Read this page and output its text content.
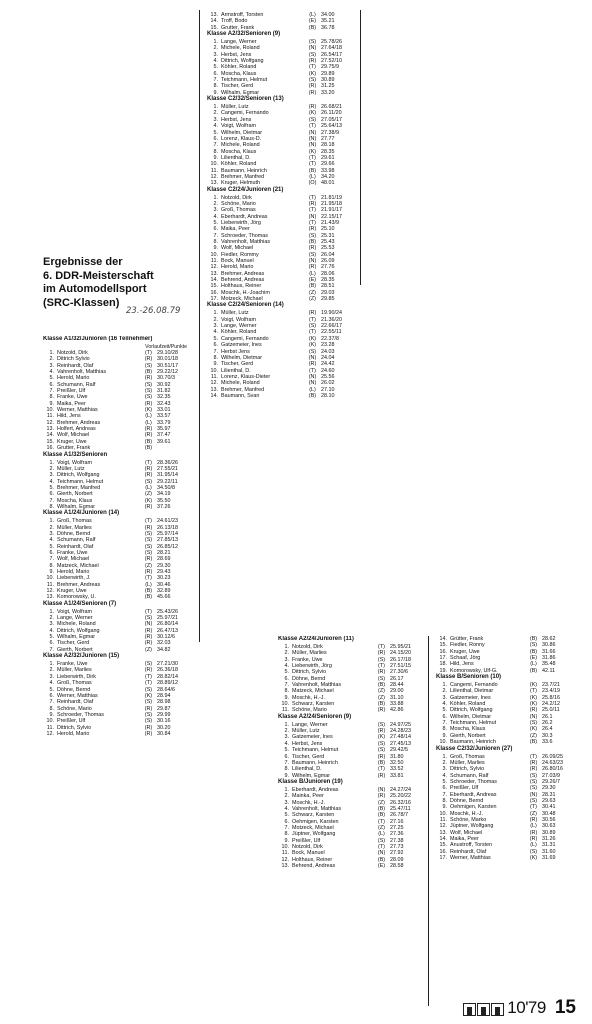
Ergebnisse der
6. DDR-Meisterschaft
im Automodellsport
(SRC-Klassen)
23.-26.08.79
Klasse A1/32/Junioren (16 Teilnehmer)
Vorlaufzeit/Punkte
1. Notzold, Dirk	(T) 29.10/28
2. Dittrich Sylvio	(R) 30.01/18
3. Reinhardt, Olaf	(S) 30.51/17
4. Vahrenholt, Matthias	(B) 29.22/12
5. Herold, Mario	(R) 30.70/3
6. Schumann, Ralf	(S) 30.92
7. Preißler, Ulf	(S) 31.82
8. Franke, Uwe	(S) 32.35
9. Maika, Peer	(R) 32.43
10. Werner, Matthias	(K) 33.01
11. Hild, Jens	(L) 33.57
12. Brehmer, Andreas	(L) 33.79
13. Holfert, Andreas	(R) 35.97
14. Wolf, Michael	(R) 37.47
15. Kruger, Uwe	(B) 39.61
16. Grutter, Frank	(B)
Klasse A1/32/Senioren
1. Voigt, Wolfram	(T) 28.36/26
2. Müller, Lutz	(R) 27.55/21
3. Dittrich, Wolfgang	(R) 31.95/14
4. Teichmann, Helmut	(S) 29.22/11
5. Brehmer, Manfred	(L) 34.50/8
6. Gierth, Norbert	(Z) 34.19
7. Moscha, Klaus	(K) 35.50
8. Wilhalm, Egmar	(R) 37.26
Klasse A1/24/Junioren (14)
1. Groß, Thomas	(T) 24.61/23
2. Müller, Marlies	(R) 26.13/18
3. Döhne, Bernd	(S) 25.97/14
4. Schumann, Ralf	(S) 27.85/13
5. Reinhardt, Olaf	(S) 26.85/12
6. Franke, Uwe	(S) 28.21
7. Wolf, Michael	(R) 28.69
8. Matzeck, Michael	(Z) 29.30
9. Herold, Mario	(R) 29.43
10. Lieberwirth, J.	(T) 30.23
11. Brehmer, Andreas	(L) 30.46
12. Kruger, Uwe	(B) 32.89
13. Komorowsky, U.	(B) 45.66
Klasse A1/24/Senioren (7)
1. Voigt, Wolfram	(T) 25.43/26
2. Lange, Werner	(S) 25.97/21
3. Michele, Roland	(N) 26.80/14
4. Dittrich, Wolfgang	(R) 26.47/13
5. Wilhalm, Egmar	(R) 30.12/6
6. Tischer, Gerd	(R) 32.03
7. Gierth, Norbert	(Z) 34.82
Klasse A2/32/Junioren (15)
1. Franke, Uwe	(S) 27.21/30
2. Müller, Marlies	(R) 26.36/18
3. Lieberwirth, Dirk	(T) 28.82/14
4. Groß, Thomas	(T) 28.89/12
5. Döhne, Bernd	(S) 28.64/6
6. Werner, Matthias	(K) 28.94
7. Reinhardt, Olaf	(S) 28.98
8. Schöne, Mario	(R) 29.87
9. Schroeder, Thomas	(S) 29.99
10. Preißler, Ulf	(S) 30.16
11. Dittrich, Sylvio	(R) 30.20
12. Herold, Mario	(R) 30.84
13. Armstroff, Torsten	(L) 34.00
14. Troff, Bodo	(E) 35.21
15. Grutter, Frank	(B) 36.78
Klasse A2/32/Senioren (9)
1. Lange, Werner	(S) 25.78/26
2. Michele, Roland	(N) 27.64/18
3. Herbst, Jens	(S) 26.54/17
4. Dittrich, Wolfgang	(R) 27.52/10
5. Köhler, Roland	(T) 29.75/9
6. Moscha, Klaus	(K) 29.89
7. Teichmann, Helmut	(S) 30.89
8. Tischer, Gerd	(R) 31.25
9. Wilhalm, Egmar	(R) 33.20
Klasse C2/32/Senioren (13)
1. Müller, Lutz	(R) 26.68/21
2. Cangemi, Fernando	(K) 26.11/20
3. Herbst, Jens	(S) 27.05/17
4. Voigt, Wolfram	(T) 25.64/13
5. Wilhelm, Dietmar	(N) 27.38/9
6. Lorenz, Klaus-D.	(N) 27.77
7. Michele, Roland	(N) 28.18
8. Moscha, Klaus	(K) 28.35
9. Lilienthal, D.	(T) 29.61
10. Köhler, Roland	(T) 29.66
11. Baumann, Heinrich	(B) 33.98
12. Brehmer, Manfred	(L) 34.20
13. Kruger, Helmuth	(O) 48.01
Klasse C2/24/Junioren (21)
1. Notzold, Dirk	(T) 21.81/19
2. Schöne, Mario	(R) 21.95/18
3. Groß, Thomas	(T) 21.91/17
4. Eberhardt, Andreas	(N) 22.15/17
5. Lieberwirth, Jörg	(T) 21.43/9
6. Maika, Peer	(R) 25.10
7. Schroeder, Thomas	(S) 25.31
8. Vahrenholt, Matthias	(B) 25.43
9. Wolf, Michael	(R) 25.53
10. Fiedler, Rommy	(S) 26.04
11. Bock, Manuel	(N) 26.09
12. Herold, Mario	(R) 27.76
13. Brehmer, Andreas	(L) 28.06
14. Behrend, Andreas	(E) 28.35
15. Holthaus, Reiner	(B) 28.51
16. Moschk, H.-Joachim	(Z) 29.03
17. Motzeck, Michael	(Z) 29.85
Klasse C2/24/Senioren (14)
1. Müller, Lutz	(R) 19.90/24
2. Voigt, Wolfram	(T) 21.36/20
3. Lange, Werner	(S) 22.66/17
4. Köhler, Roland	(T) 22.55/11
5. Cangemi, Fernando	(K) 22.37/8
6. Gatzemeier, Ines	(K) 23.28
7. Herbst Jens	(S) 24.03
8. Wilhelm, Dietmar	(N) 24.04
9. Tischer, Gerd	(R) 24.42
10. Lilienthal, D.	(T) 24.60
11. Lorenz, Klaus-Dieter	(N) 25.56
12. Michele, Roland	(N) 26.02
13. Brehmer, Manfred	(L) 27.10
14. Baumann, Svan	(B) 28.10
Klasse A2/24/Junioren (11)
1. Notzold, Dirk	(T) 25.95/21
2. Müller, Marlies	(R) 24.15/20
3. Franke, Uwe	(S) 26.17/18
4. Lieberwirth, Jörg	(T) 27.51/15
5. Dittrich, Sylvio	(R) 27.30/6
6. Döhne, Bernd	(S) 26.17
7. Vahrenholt, Matthias	(B) 28.44
8. Matzeck, Michael	(Z) 29.00
9. Moschk, H.-J.	(Z) 31.10
10. Schwarz, Karsten	(B) 33.88
11. Schöne, Mario	(R) 42.86
Klasse A2/24/Senioren (9)
1. Lange, Werner	(S) 24.97/25
2. Müller, Lutz	(R) 24.28/23
3. Gatzemeier, Ines	(K) 27.48/14
4. Herbst, Jens	(S) 27.45/13
5. Teichmann, Helmut	(S) 29.42/5
6. Tischer, Gerd	(R) 31.80
7. Baumann, Heinrich	(B) 32.50
8. Lilienthal, D.	(T) 33.52
9. Wilhelm, Egmar	(R) 33.81
Klasse B/Junioren (19)
1. Eberhardt, Andreas	(N) 24.27/24
2. Mainka, Peer	(R) 25.20/22
3. Moschk, H.-J.	(Z) 26.32/16
4. Vahrenholt, Matthias	(B) 25.47/11
5. Schwarz, Karsten	(B) 26.78/7
6. Oehmigen, Karsten	(T) 27.16
7. Motzeck, Michael	(Z) 27.25
8. Jüptner, Wolfgang	(L) 27.36
9. Preißler, Ulf	(S) 27.38
10. Notzold, Dirk	(T) 27.73
11. Bock, Manuel	(N) 27.92
12. Holthaus, Reiner	(B) 28.09
13. Behrend, Andreas	(E) 28.58
14. Grütter, Frank	(B) 28.62
15. Fiedler, Ronny	(S) 30.86
16. Kruger, Uwe	(B) 31.66
17. Schaaf, Jörg	(E) 31.86
18. Hild, Jens	(L) 35.48
19. Komorowsky, Ulf-G.	(B) 42.11
Klasse B/Senioren (10)
1. Cangemi, Fernando	(K) 23.7/21
2. Lilienthal, Dietmar	(T) 23.4/19
3. Gatzemeier, Ines	(K) 25.8/16
4. Köhler, Roland	(K) 24.2/12
5. Dittrich, Wolfgang	(R) 25.0/11
6. Wilhelm, Dietmar	(N) 26.1
7. Teichmann, Helmut	(S) 26.2
8. Moscha, Klaus	(K) 26.4
9. Gierth, Norbert	(Z) 30.3
10. Baumann, Heinrich	(B) 33.6
Klasse C2/32/Junioren (27)
1. Groß, Thomas	(T) 26.09/25
2. Müller, Marlies	(R) 24.63/23
3. Dittrich, Sylvio	(R) 26.80/16
4. Schumann, Ralf	(S) 27.03/9
5. Schroeder, Thomas	(S) 29.26/7
6. Preißler, Ulf	(S) 29.30
7. Eberhardt, Andreas	(N) 28.31
8. Döhne, Bernd	(S) 29.63
9. Oehmigen, Karsten	(T) 30.41
10. Moschk, H.-J.	(Z) 30.48
11. Schöne, Marko	(R) 30.56
12. Jüptner, Wolfgang	(L) 30.63
13. Wolf, Michael	(R) 30.89
14. Maika, Peer	(R) 31.26
15. Anustroff, Torsten	(L) 31.31
16. Reinhardt, Olaf	(S) 31.60
17. Werner, Matthias	(K) 31.69
10'79 15
